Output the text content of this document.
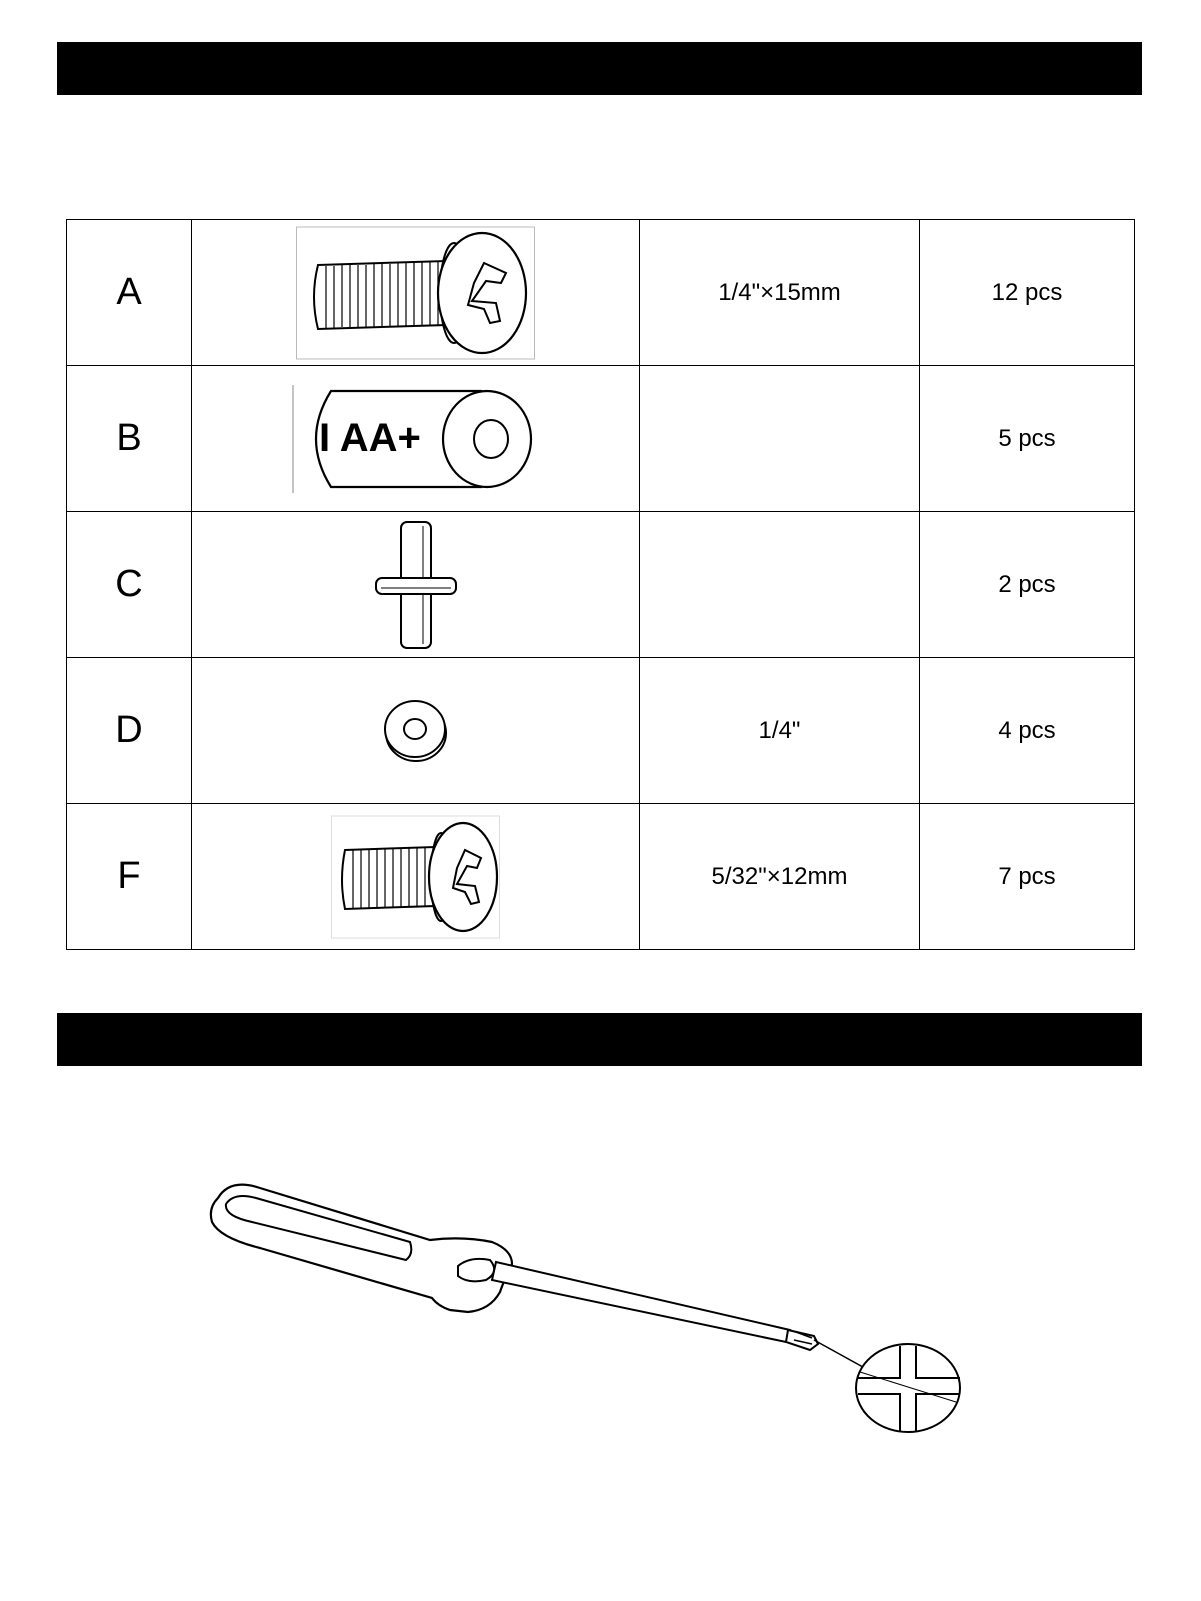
A		1/4"×15mm	12 pcs
B	I AA+		5 pcs
C			2 pcs
D		1/4"	4 pcs
F		5/32"×12mm	7 pcs
